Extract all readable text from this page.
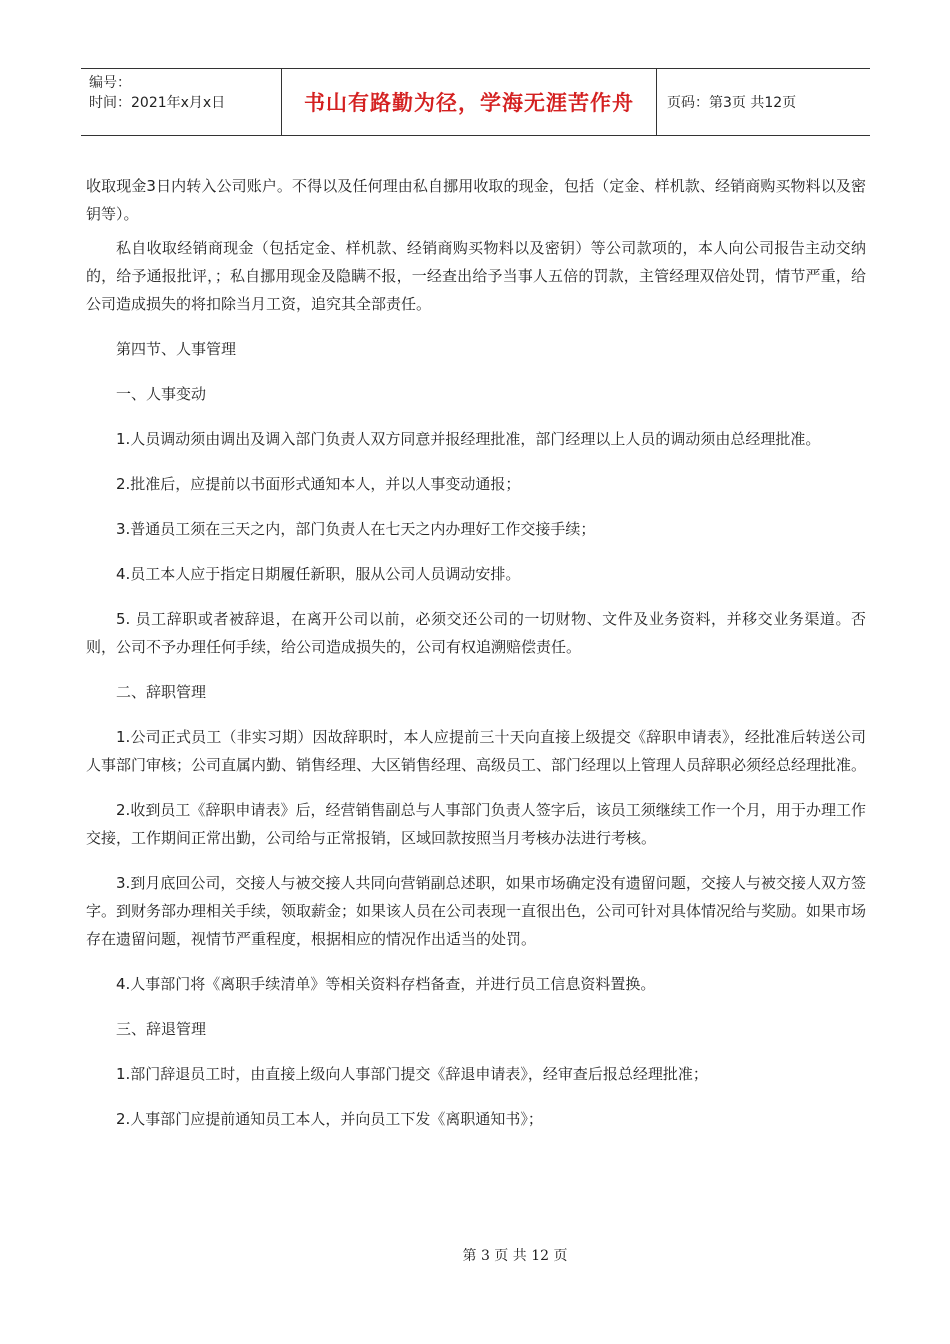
编号：
时间：2021年x月x日	书山有路勤为径，学海无涯苦作舟	页码：第3页 共12页

收取现金3日内转入公司账户。不得以及任何理由私自挪用收取的现金，包括（定金、样机款、经销商购买物料以及密钥等）。

私自收取经销商现金（包括定金、样机款、经销商购买物料以及密钥）等公司款项的，本人向公司报告主动交纳的，给予通报批评，；私自挪用现金及隐瞒不报，一经查出给予当事人五倍的罚款，主管经理双倍处罚，情节严重，给公司造成损失的将扣除当月工资，追究其全部责任。

第四节、人事管理

一、人事变动

1.人员调动须由调出及调入部门负责人双方同意并报经理批准，部门经理以上人员的调动须由总经理批准。

2.批准后，应提前以书面形式通知本人，并以人事变动通报；

3.普通员工须在三天之内，部门负责人在七天之内办理好工作交接手续；

4.员工本人应于指定日期履任新职，服从公司人员调动安排。

5. 员工辞职或者被辞退，在离开公司以前，必须交还公司的一切财物、文件及业务资料，并移交业务渠道。否则，公司不予办理任何手续，给公司造成损失的，公司有权追溯赔偿责任。

二、辞职管理

1.公司正式员工（非实习期）因故辞职时，本人应提前三十天向直接上级提交《辞职申请表》，经批准后转送公司人事部门审核；公司直属内勤、销售经理、大区销售经理、高级员工、部门经理以上管理人员辞职必须经总经理批准。

2.收到员工《辞职申请表》后，经营销售副总与人事部门负责人签字后，该员工须继续工作一个月，用于办理工作交接，工作期间正常出勤，公司给与正常报销，区域回款按照当月考核办法进行考核。

3.到月底回公司，交接人与被交接人共同向营销副总述职，如果市场确定没有遗留问题，交接人与被交接人双方签字。到财务部办理相关手续，领取薪金；如果该人员在公司表现一直很出色，公司可针对具体情况给与奖励。如果市场存在遗留问题，视情节严重程度，根据相应的情况作出适当的处罚。

4.人事部门将《离职手续清单》等相关资料存档备查，并进行员工信息资料置换。

三、辞退管理

1.部门辞退员工时，由直接上级向人事部门提交《辞退申请表》，经审查后报总经理批准；

2.人事部门应提前通知员工本人，并向员工下发《离职通知书》；

第 3 页 共 12 页
